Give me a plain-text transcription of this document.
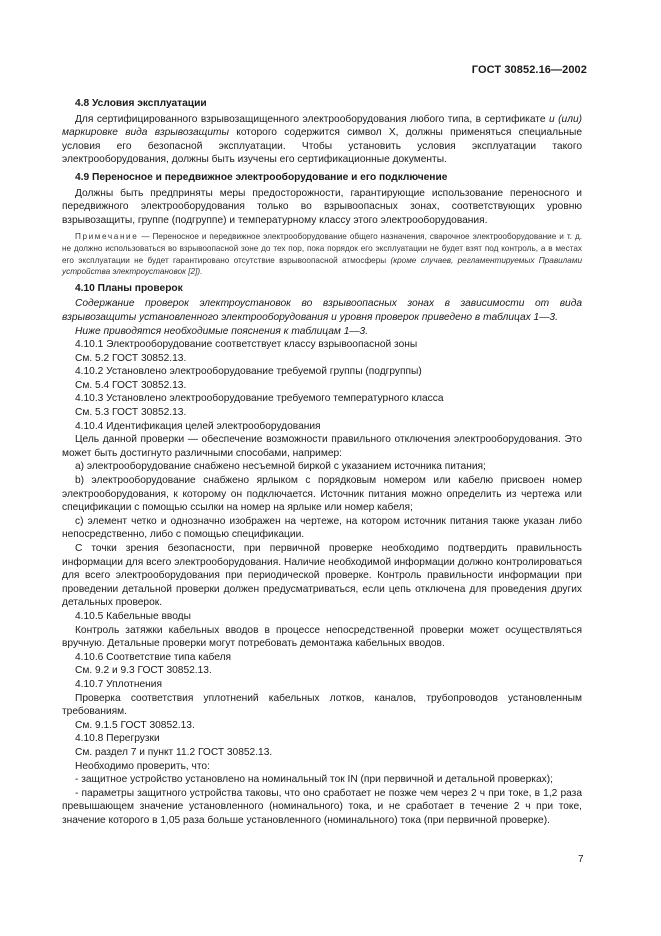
ГОСТ 30852.16—2002
4.8 Условия эксплуатации

Для сертифицированного взрывозащищенного электрооборудования любого типа, в сертификате и (или) маркировке вида взрывозащиты которого содержится символ X, должны применяться специальные условия его безопасной эксплуатации. Чтобы установить условия эксплуатации такого электрооборудования, должны быть изучены его сертификационные документы.

4.9 Переносное и передвижное электрооборудование и его подключение

Должны быть предприняты меры предосторожности, гарантирующие использование переносного и передвижного электрооборудования только во взрывоопасных зонах, соответствующих уровню взрывозащиты, группе (подгруппе) и температурному классу этого электрооборудования.

Примечание — Переносное и передвижное электрооборудование общего назначения, сварочное электрооборудование и т. д. не должно использоваться во взрывоопасной зоне до тех пор, пока порядок его эксплуатации не будет взят под контроль, а в местах его эксплуатации не будет гарантировано отсутствие взрывоопасной атмосферы (кроме случаев, регламентируемых Правилами устройства электроустановок [2]).

4.10 Планы проверок

Содержание проверок электроустановок во взрывоопасных зонах в зависимости от вида взрывозащиты установленного электрооборудования и уровня проверок приведено в таблицах 1—3.

Ниже приводятся необходимые пояснения к таблицам 1—3.

4.10.1 Электрооборудование соответствует классу взрывоопасной зоны

См. 5.2 ГОСТ 30852.13.

4.10.2 Установлено электрооборудование требуемой группы (подгруппы)

См. 5.4 ГОСТ 30852.13.

4.10.3 Установлено электрооборудование требуемого температурного класса

См. 5.3 ГОСТ 30852.13.

4.10.4 Идентификация целей электрооборудования

Цель данной проверки — обеспечение возможности правильного отключения электрооборудования. Это может быть достигнуто различными способами, например:

а) электрооборудование снабжено несъемной биркой с указанием источника питания;

b) электрооборудование снабжено ярлыком с порядковым номером или кабелю присвоен номер электрооборудования, к которому он подключается. Источник питания можно определить из чертежа или спецификации с помощью ссылки на номер на ярлыке или номер кабеля;

с) элемент четко и однозначно изображен на чертеже, на котором источник питания также указан либо непосредственно, либо с помощью спецификации.

С точки зрения безопасности, при первичной проверке необходимо подтвердить правильность информации для всего электрооборудования. Наличие необходимой информации должно контролироваться для всего электрооборудования при периодической проверке. Контроль правильности информации при проведении детальной проверки должен предусматриваться, если цепь отключена для проведения других детальных проверок.

4.10.5 Кабельные вводы

Контроль затяжки кабельных вводов в процессе непосредственной проверки может осуществляться вручную. Детальные проверки могут потребовать демонтажа кабельных вводов.

4.10.6 Соответствие типа кабеля

См. 9.2 и 9.3 ГОСТ 30852.13.

4.10.7 Уплотнения

Проверка соответствия уплотнений кабельных лотков, каналов, трубопроводов установленным требованиям.

См. 9.1.5 ГОСТ 30852.13.

4.10.8 Перегрузки

См. раздел 7 и пункт 11.2 ГОСТ 30852.13.

Необходимо проверить, что:

- защитное устройство установлено на номинальный ток IN (при первичной и детальной проверках);

- параметры защитного устройства таковы, что оно сработает не позже чем через 2 ч при токе, в 1,2 раза превышающем значение установленного (номинального) тока, и не сработает в течение 2 ч при токе, значение которого в 1,05 раза больше установленного (номинального) тока (при первичной проверке).

7
